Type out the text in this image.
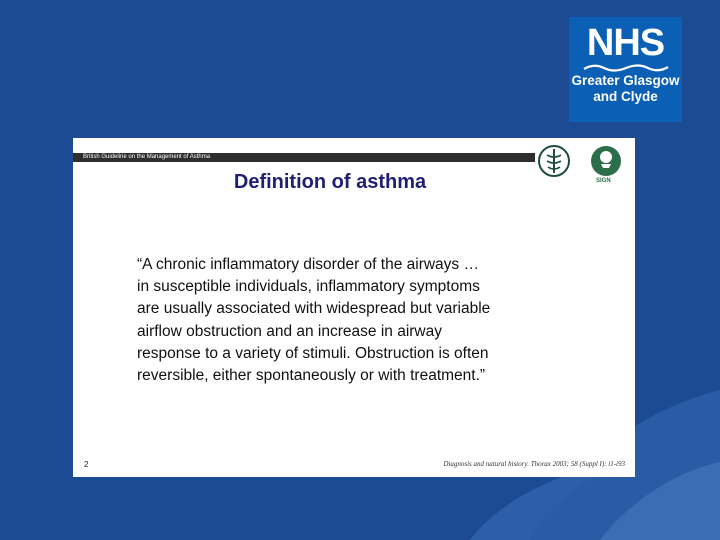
NHS
Greater Glasgow
and Clyde
British Guideline on the Management of Asthma
SIGN
Definition of asthma

“A chronic inflammatory disorder of the airways …
in susceptible individuals, inflammatory symptoms
are usually associated with widespread but variable
airflow obstruction and an increase in airway
response to a variety of stimuli. Obstruction is often
reversible, either spontaneously or with treatment.”

2	Diagnosis and natural history. Thorax 2003; 58 (Suppl I): i1-i93
